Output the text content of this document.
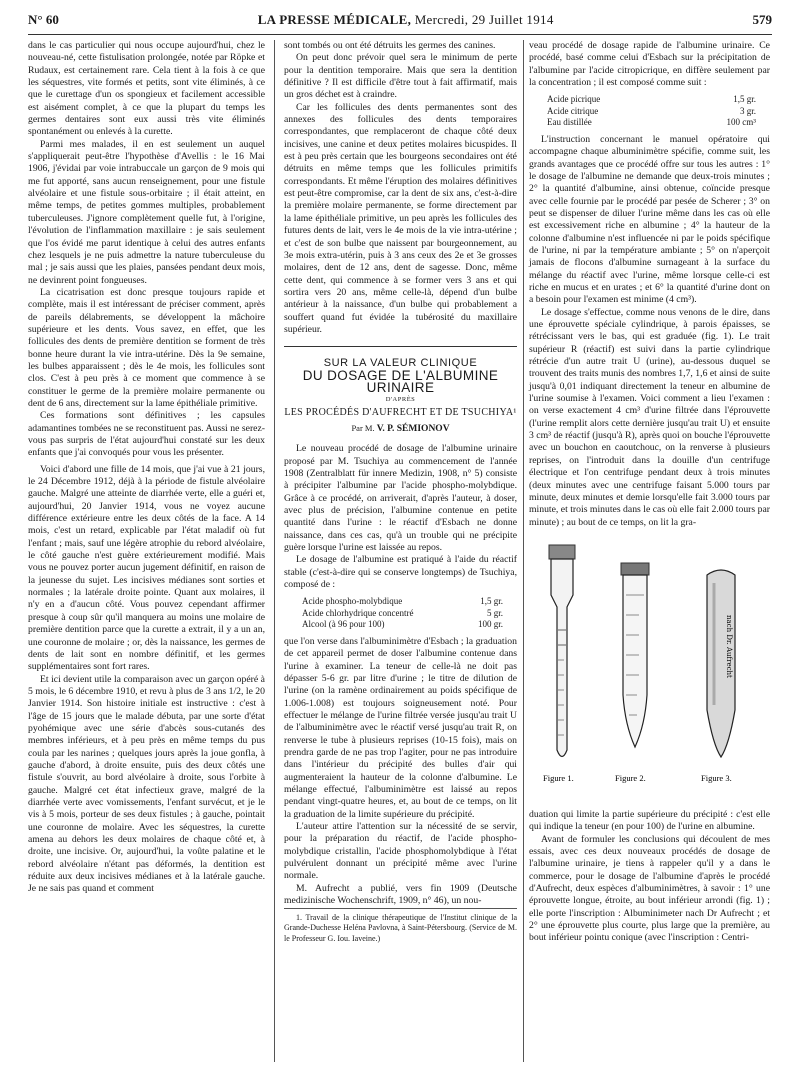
N° 60	LA PRESSE MÉDICALE, Mercredi, 29 Juillet 1914	579

dans le cas particulier qui nous occupe aujourd'hui, chez le nouveau-né, cette fistulisation prolongée, notée par Röpke et Rudaux, est certainement rare. Cela tient à la fois à ce que les séquestres, vite formés et petits, sont vite éliminés, à ce que le curettage d'un os spongieux et facilement accessible est aisément complet, à ce que la plupart du temps les germes dentaires sont eux aussi très vite éliminés spontanément ou enlevés à la curette.

Parmi mes malades, il en est seulement un auquel s'appliquerait peut-être l'hypothèse d'Avellis : le 16 Mai 1906, j'évidai par voie intrabuccale un garçon de 9 mois qui me fut apporté, sans aucun renseignement, pour une fistule alvéolaire et une fistule sous-orbitaire ; il était atteint, en même temps, de petites gommes multiples, probablement tuberculeuses. J'ignore complètement quelle fut, à l'origine, l'évolution de l'inflammation maxillaire : je sais seulement que l'os évidé me parut identique à celui des autres enfants chez lesquels je ne puis admettre la nature tuberculeuse du mal ; je sais aussi que les plaies, pansées pendant deux mois, ne devinrent point fongueuses.

La cicatrisation est donc presque toujours rapide et complète, mais il est intéressant de préciser comment, après de pareils délabrements, se développent la mâchoire supérieure et les dents. Vous savez, en effet, que les follicules des dents de première dentition se forment de très bonne heure durant la vie intra-utérine. Dès la 9e semaine, les bulbes apparaissent ; dès le 4e mois, les follicules sont clos. C'est à peu près à ce moment que commence à se constituer le germe de la première molaire permanente ou dent de 6 ans, directement sur la lame épithéliale primitive.

Ces formations sont définitives ; les capsules adamantines tombées ne se reconstituent pas. Aussi ne serez-vous pas surpris de l'état aujourd'hui constaté sur les deux enfants que j'ai convoqués pour vous les présenter.

Voici d'abord une fille de 14 mois, que j'ai vue à 21 jours, le 24 Décembre 1912, déjà à la période de fistule alvéolaire gauche. Malgré une atteinte de diarrhée verte, elle a guéri et, aujourd'hui, 20 Janvier 1914, vous ne voyez aucune différence extérieure entre les deux côtés de la face. A 14 mois, c'est un retard, explicable par l'état maladif où fut l'enfant ; mais, sauf une légère atrophie du rebord alvéolaire, le côté gauche n'est guère extérieurement modifié. Mais vous ne pouvez porter aucun jugement définitif, en raison de la jeunesse du sujet. Les incisives médianes sont sorties et normales ; la latérale droite pointe. Quant aux molaires, il n'y en a d'aucun côté. Vous pouvez cependant affirmer presque à coup sûr qu'il manquera au moins une molaire de première dentition parce que la curette a extrait, il y a un an, une couronne de molaire ; or, dès la naissance, les germes de dents de lait sont en nombre définitif, et les germes supplémentaires sont fort rares.

Et ici devient utile la comparaison avec un garçon opéré à 5 mois, le 6 décembre 1910, et revu à plus de 3 ans 1/2, le 20 Janvier 1914. Son histoire initiale est instructive : c'est à l'âge de 15 jours que le malade débuta, par une sorte d'état pyohémique avec une série d'abcès sous-cutanés des membres inférieurs, et à peu près en même temps du pus coula par les narines ; quelques jours après la joue gonfla, à gauche d'abord, à droite ensuite, puis des deux côtés une fistule s'ouvrit, au bord alvéolaire à droite, sous l'orbite à gauche. Malgré cet état infectieux grave, malgré de la diarrhée verte avec vomissements, l'enfant survécut, et je le vis à 5 mois, porteur de ses deux fistules ; à gauche, pointait une couronne de molaire. Avec les séquestres, la curette amena au dehors les deux molaires de chaque côté et, à droite, une incisive. Or, aujourd'hui, la voûte palatine et le rebord alvéolaire n'étant pas déformés, la dentition est réduite aux deux incisives médianes et à la latérale gauche. Je ne sais pas quand et comment

sont tombés ou ont été détruits les germes des canines.

On peut donc prévoir quel sera le minimum de perte pour la dentition temporaire. Mais que sera la dentition définitive ? Il est difficile d'être tout à fait affirmatif, mais un gros déchet est à craindre.

Car les follicules des dents permanentes sont des annexes des follicules des dents temporaires correspondantes, que remplaceront de chaque côté deux incisives, une canine et deux petites molaires bicuspides. Il est à peu près certain que les bourgeons secondaires ont été détruits en même temps que les follicules primitifs correspondants. Et même l'éruption des molaires définitives est peut-être compromise, car la dent de six ans, c'est-à-dire la première molaire permanente, se forme directement par la lame épithéliale primitive, un peu après les follicules des futures dents de lait, vers le 4e mois de la vie intra-utérine ; et c'est de son bulbe que naissent par bourgeonnement, au 3e mois extra-utérin, puis à 3 ans ceux des 2e et 3e grosses molaires, dent de 12 ans, dent de sagesse. Donc, même cette dent, qui commence à se former vers 3 ans et qui sortira vers 20 ans, même celle-là, dépend d'un bulbe antérieur à la naissance, d'un bulbe qui probablement a souffert quand fut évidée la tubérosité du maxillaire supérieur.

SUR LA VALEUR CLINIQUE
DU DOSAGE DE L'ALBUMINE URINAIRE
D'APRÈS
LES PROCÉDÉS D'AUFRECHT ET DE TSUCHIYA¹
Par M. V. P. SÉMIONOV

Le nouveau procédé de dosage de l'albumine urinaire proposé par M. Tsuchiya au commencement de l'année 1908 (Zentralblatt für innere Medizin, 1908, n° 5) consiste à précipiter l'albumine par l'acide phospho-molybdique. Grâce à ce procédé, on arriverait, d'après l'auteur, à doser, avec plus de précision, l'albumine contenue en petite quantité dans l'urine : le réactif d'Esbach ne donne naissance, dans ces cas, qu'à un trouble qui ne précipite guère lorsque l'urine est laissée au repos.

Le dosage de l'albumine est pratiqué à l'aide du réactif stable (c'est-à-dire qui se conserve longtemps) de Tsuchiya, composé de :

Acide phospho-molybdique	1,5 gr.
Acide chlorhydrique concentré	5 gr.
Alcool (à 96 pour 100)	100 gr.

que l'on verse dans l'albuminimètre d'Esbach ; la graduation de cet appareil permet de doser l'albumine contenue dans l'urine à examiner. La teneur de celle-là ne doit pas dépasser 5-6 gr. par litre d'urine ; le titre de dilution de l'urine (on la ramène ordinairement au poids spécifique de 1.006-1.008) est toujours soigneusement noté. Pour effectuer le mélange de l'urine filtrée versée jusqu'au trait U de l'albuminimètre avec le réactif versé jusqu'au trait R, on renverse le tube à plusieurs reprises (10-15 fois), mais on prendra garde de ne pas trop l'agiter, pour ne pas introduire dans l'intérieur du précipité des bulles d'air qui augmenteraient la hauteur de la colonne d'albumine. Le mélange effectué, l'albuminimètre est laissé au repos pendant vingt-quatre heures, et, au bout de ce temps, on lit la graduation de la limite supérieure du précipité.

L'auteur attire l'attention sur la nécessité de se servir, pour la préparation du réactif, de l'acide phospho-molybdique cristallin, l'acide phosphomolybdique à l'état pulvérulent donnant un précipité même avec l'urine normale.

M. Aufrecht a publié, vers fin 1909 (Deutsche medizinische Wochenschrift, 1909, n° 46), un nou-

1. Travail de la clinique thérapeutique de l'Institut clinique de la Grande-Duchesse Heléna Pavlovna, à Saint-Pétersbourg. (Service de M. le Professeur G. Iou. Iaveine.)

veau procédé de dosage rapide de l'albumine urinaire. Ce procédé, basé comme celui d'Esbach sur la précipitation de l'albumine par l'acide citropicrique, en diffère seulement par la concentration ; il est composé comme suit :

Acide picrique	1,5 gr.
Acide citrique	3 gr.
Eau distillée	100 cm³

L'instruction concernant le manuel opératoire qui accompagne chaque albuminimètre spécifie, comme suit, les grands avantages que ce procédé offre sur tous les autres : 1° le dosage de l'albumine ne demande que deux-trois minutes ; 2° la quantité d'albumine, ainsi obtenue, coïncide presque avec celle fournie par le procédé par pesée de Scherer ; 3° on peut se dispenser de diluer l'urine même dans les cas où elle est excessivement riche en albumine ; 4° la hauteur de la colonne d'albumine n'est influencée ni par le poids spécifique de l'urine, ni par la température ambiante ; 5° on n'aperçoit jamais de flocons d'albumine surnageant à la surface du mélange du réactif avec l'urine, même lorsque celle-ci est riche en mucus et en urates ; et 6° la quantité d'urine dont on a besoin pour l'examen est minime (4 cm³).

Le dosage s'effectue, comme nous venons de le dire, dans une éprouvette spéciale cylindrique, à parois épaisses, se rétrécissant vers le bas, qui est graduée (fig. 1). Le trait supérieur R (réactif) est suivi dans la partie cylindrique rétrécie d'un autre trait U (urine), au-dessous duquel se trouvent des traits munis des nombres 1,7, 1,6 et ainsi de suite jusqu'à 0,01 indiquant directement la teneur en albumine de l'urine soumise à l'examen. Voici comment a lieu l'examen : on verse exactement 4 cm³ d'urine filtrée dans l'éprouvette (l'urine remplit alors cette dernière jusqu'au trait U) et ensuite 3 cm³ de réactif (jusqu'à R), après quoi on bouche l'éprouvette avec un bouchon en caoutchouc, on la renverse à plusieurs reprises, on l'introduit dans la douille d'un centrifuge électrique et l'on centrifuge pendant deux à trois minutes (deux minutes avec une centrifuge faisant 5.000 tours par minute, deux minutes et demie lorsqu'elle fait 3.000 tours par minute, et trois minutes dans le cas où elle fait 2.000 tours par minute) ; au bout de ce temps, on lit la gra-

nach Dr. Aufrecht
Figure 1.	Figure 2.	Figure 3.

duation qui limite la partie supérieure du précipité : c'est elle qui indique la teneur (en pour 100) de l'urine en albumine.

Avant de formuler les conclusions qui découlent de mes essais, avec ces deux nouveaux procédés de dosage de l'albumine urinaire, je tiens à rappeler qu'il y a dans le commerce, pour le dosage de l'albumine d'après le procédé d'Aufrecht, deux espèces d'albuminimètres, à savoir : 1° une éprouvette longue, étroite, au bout inférieur arrondi (fig. 1) ; elle porte l'inscription : Albuminimeter nach Dr Aufrecht ; et 2° une éprouvette plus courte, plus large que la première, au bout inférieur pointu conique (avec l'inscription : Centri-
